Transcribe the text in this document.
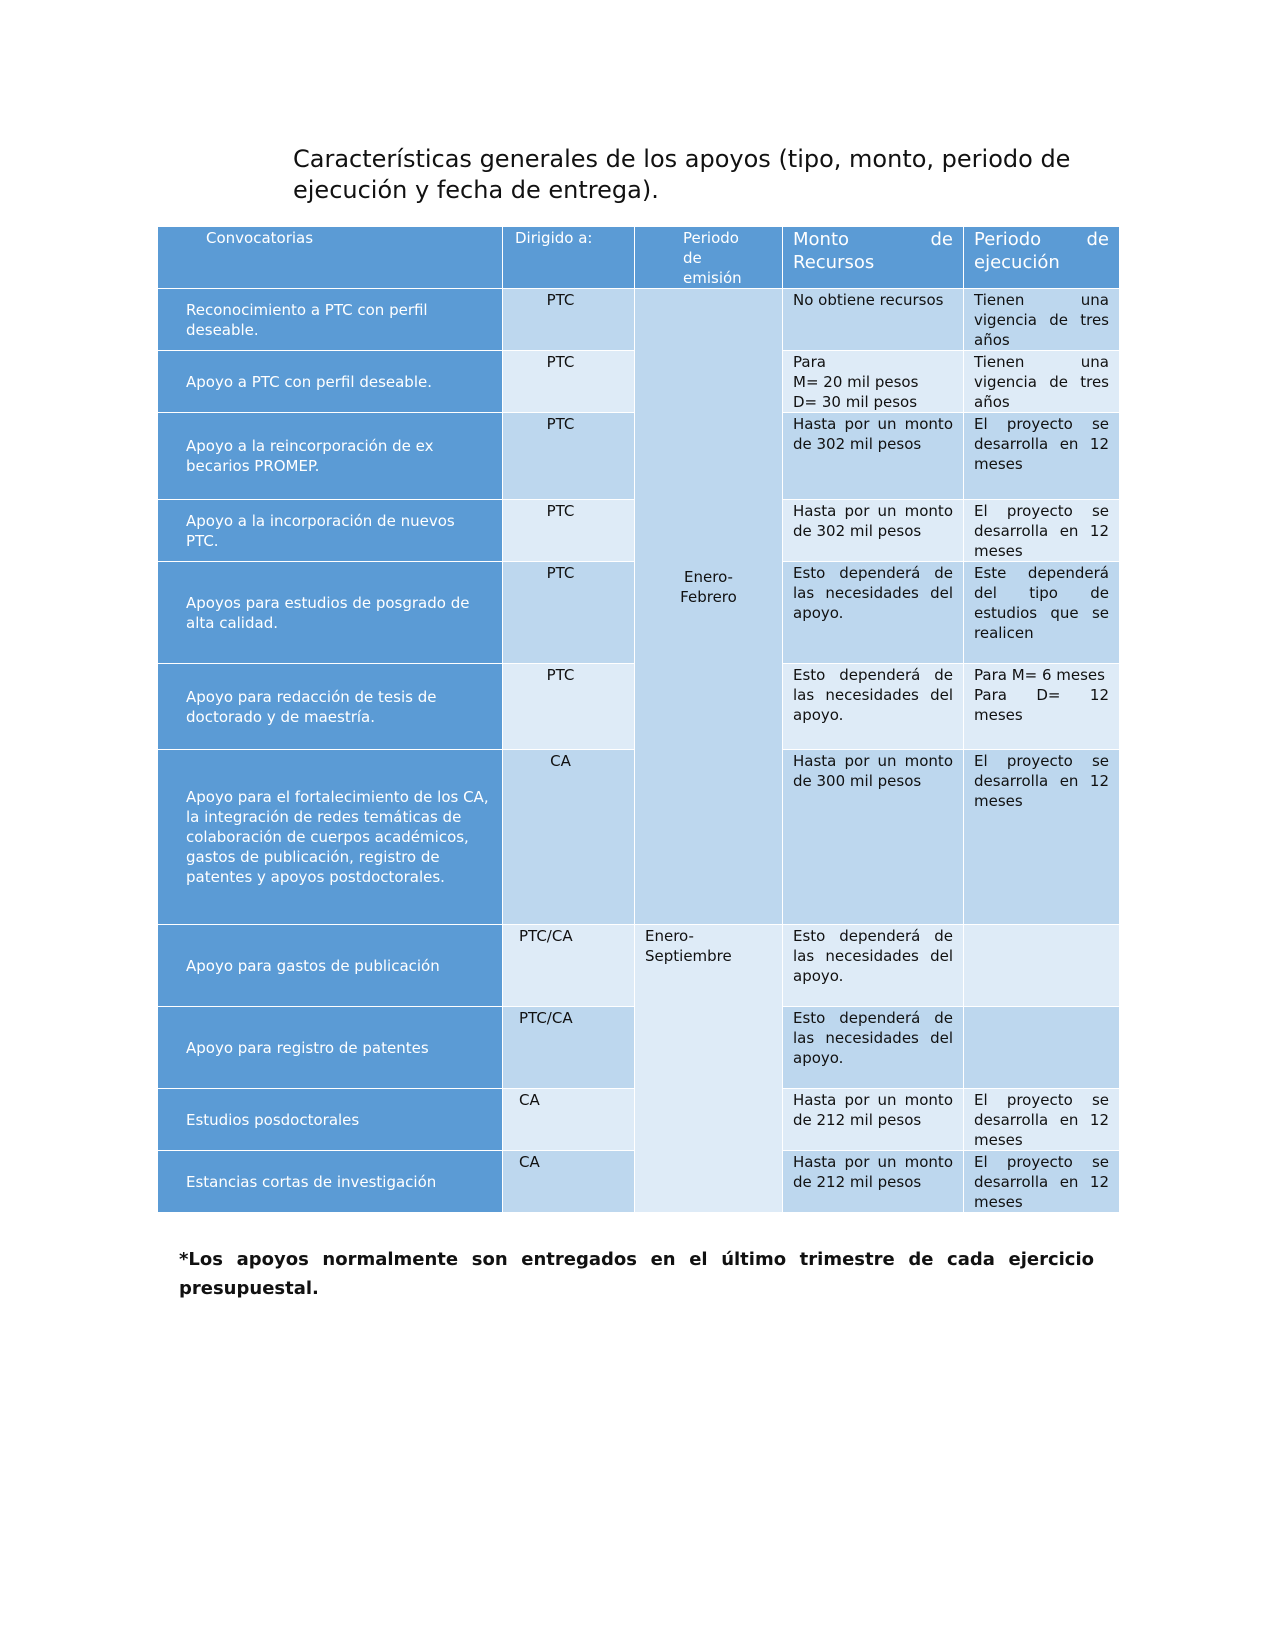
Características generales de los apoyos (tipo, monto, periodo de ejecución y fecha de entrega).
Convocatorias	Dirigido a:	Periodo de emisión	Monto de Recursos	Periodo de ejecución

Reconocimiento a PTC con perfil deseable.	PTC	Enero-Febrero	No obtiene recursos	Tienen una vigencia de tres años

Apoyo a PTC con perfil deseable.	PTC		Para
M= 20 mil pesos
D= 30 mil pesos	Tienen una vigencia de tres años

Apoyo a la reincorporación de ex becarios PROMEP.	PTC		Hasta por un monto de 302 mil pesos	El proyecto se desarrolla en 12 meses

Apoyo a la incorporación de nuevos PTC.	PTC		Hasta por un monto de 302 mil pesos	El proyecto se desarrolla en 12 meses

Apoyos para estudios de posgrado de alta calidad.	PTC		Esto dependerá de las necesidades del apoyo.	Este dependerá del tipo de estudios que se realicen

Apoyo para redacción de tesis de doctorado y de maestría.	PTC		Esto dependerá de las necesidades del apoyo.	Para M= 6 meses
Para D= 12 meses

Apoyo para el fortalecimiento de los CA, la integración de redes temáticas de colaboración de cuerpos académicos, gastos de publicación, registro de patentes y apoyos postdoctorales.	CA		Hasta por un monto de 300 mil pesos	El proyecto se desarrolla en 12 meses

Apoyo para gastos de publicación	PTC/CA	Enero-Septiembre	Esto dependerá de las necesidades del apoyo.	

Apoyo para registro de patentes	PTC/CA		Esto dependerá de las necesidades del apoyo.	

Estudios posdoctorales	CA		Hasta por un monto de 212 mil pesos	El proyecto se desarrolla en 12 meses

Estancias cortas de investigación	CA		Hasta por un monto de 212 mil pesos	El proyecto se desarrolla en 12 meses

*Los apoyos normalmente son entregados en el último trimestre de cada ejercicio presupuestal.
